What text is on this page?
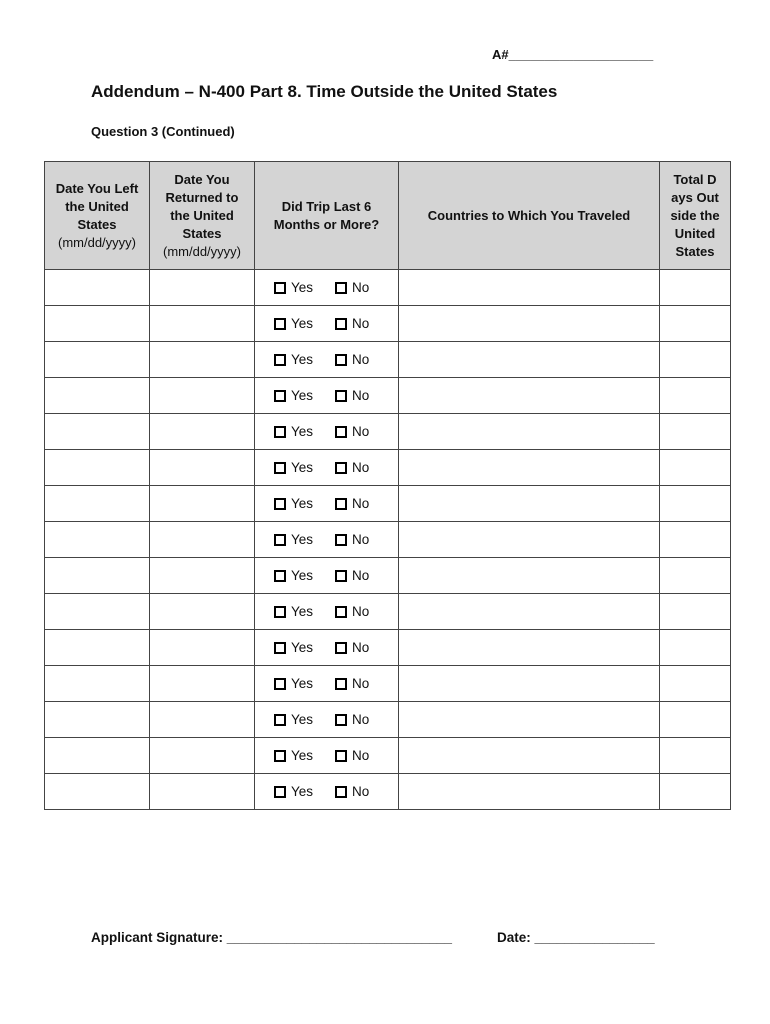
A#____________________
Addendum – N-400 Part 8. Time Outside the United States
Question 3 (Continued)
Date You Left the United States
(mm/dd/yyyy)	Date You Returned to the United States
(mm/dd/yyyy)	Did Trip Last 6 Months or More?	Countries to Which You Traveled	Total Days Outside the United States

		Yes No		

		Yes No		

		Yes No		

		Yes No		

		Yes No		

		Yes No		

		Yes No		

		Yes No		

		Yes No		

		Yes No		

		Yes No		

		Yes No		

		Yes No		

		Yes No		

		Yes No		

Applicant Signature: ______________________________	Date: ________________
